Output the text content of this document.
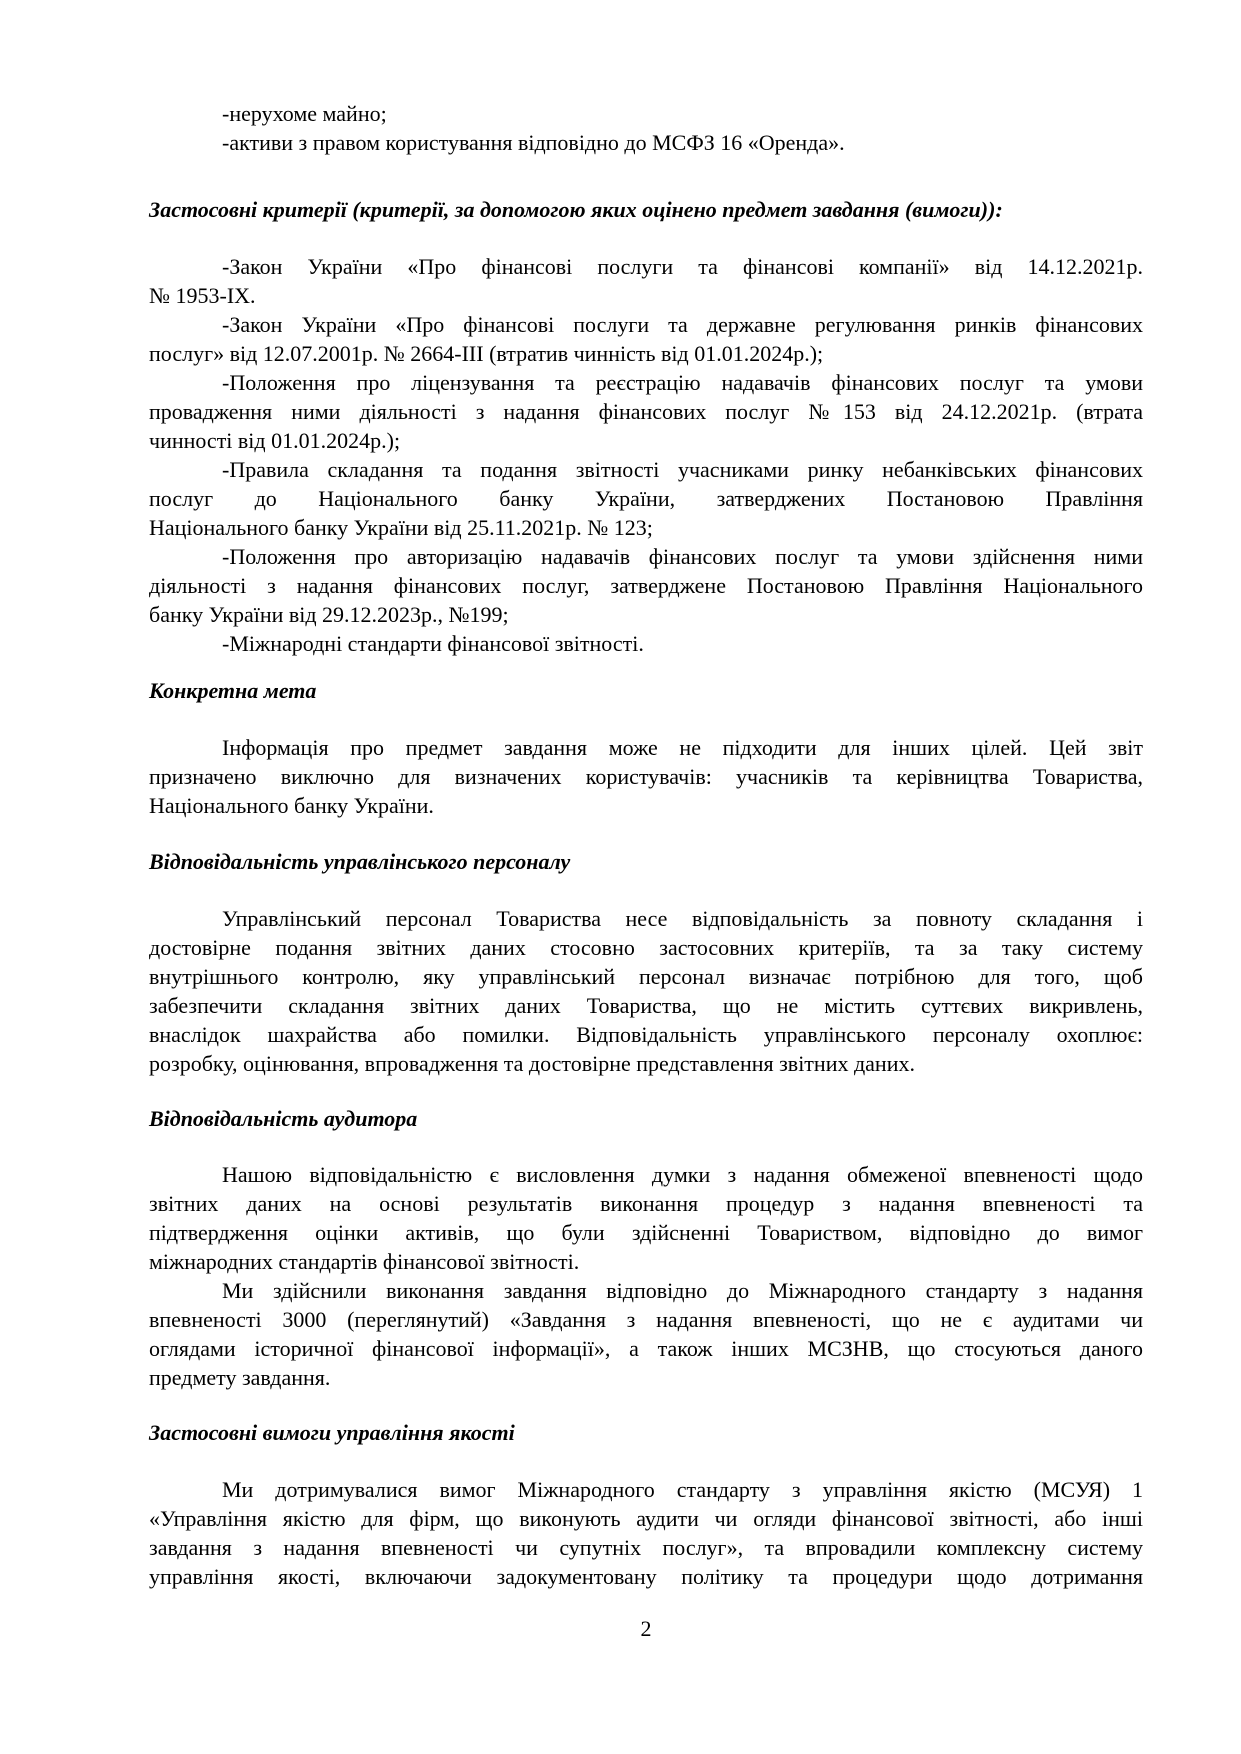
-нерухоме майно;
-активи з правом користування відповідно до МСФЗ 16 «Оренда».
Застосовні критерії (критерії, за допомогою яких оцінено предмет завдання (вимоги)):
-Закон України «Про фінансові послуги та фінансові компанії» від 14.12.2021р.
№ 1953-IX.
-Закон України «Про фінансові послуги та державне регулювання ринків фінансових
послуг» від 12.07.2001р. № 2664-III (втратив чинність від 01.01.2024р.);
-Положення про ліцензування та реєстрацію надавачів фінансових послуг та умови
провадження ними діяльності з надання фінансових послуг №153 від 24.12.2021р. (втрата
чинності від 01.01.2024р.);
-Правила складання та подання звітності учасниками ринку небанківських фінансових
послуг до Національного банку України, затверджених Постановою Правління
Національного банку України від 25.11.2021р. № 123;
-Положення про авторизацію надавачів фінансових послуг та умови здійснення ними
діяльності з надання фінансових послуг, затверджене Постановою Правління Національного
банку України від 29.12.2023р., №199;
-Міжнародні стандарти фінансової звітності.
Конкретна мета
Інформація про предмет завдання може не підходити для інших цілей. Цей звіт
призначено виключно для визначених користувачів: учасників та керівництва Товариства,
Національного банку України.
Відповідальність управлінського персоналу
Управлінський персонал Товариства несе відповідальність за повноту складання і
достовірне подання звітних даних стосовно застосовних критеріїв, та за таку систему
внутрішнього контролю, яку управлінський персонал визначає потрібною для того, щоб
забезпечити складання звітних даних Товариства, що не містить суттєвих викривлень,
внаслідок шахрайства або помилки. Відповідальність управлінського персоналу охоплює:
розробку, оцінювання, впровадження та достовірне представлення звітних даних.
Відповідальність аудитора
Нашою відповідальністю є висловлення думки з надання обмеженої впевненості щодо
звітних даних на основі результатів виконання процедур з надання впевненості та
підтвердження оцінки активів, що були здійсненні Товариством, відповідно до вимог
міжнародних стандартів фінансової звітності.
Ми здійснили виконання завдання відповідно до Міжнародного стандарту з надання
впевненості 3000 (переглянутий) «Завдання з надання впевненості, що не є аудитами чи
оглядами історичної фінансової інформації», а також інших МСЗНВ, що стосуються даного
предмету завдання.
Застосовні вимоги управління якості
Ми дотримувалися вимог Міжнародного стандарту з управління якістю (МСУЯ) 1
«Управління якістю для фірм, що виконують аудити чи огляди фінансової звітності, або інші
завдання з надання впевненості чи супутніх послуг», та впровадили комплексну систему
управління якості, включаючи задокументовану політику та процедури щодо дотримання
2
